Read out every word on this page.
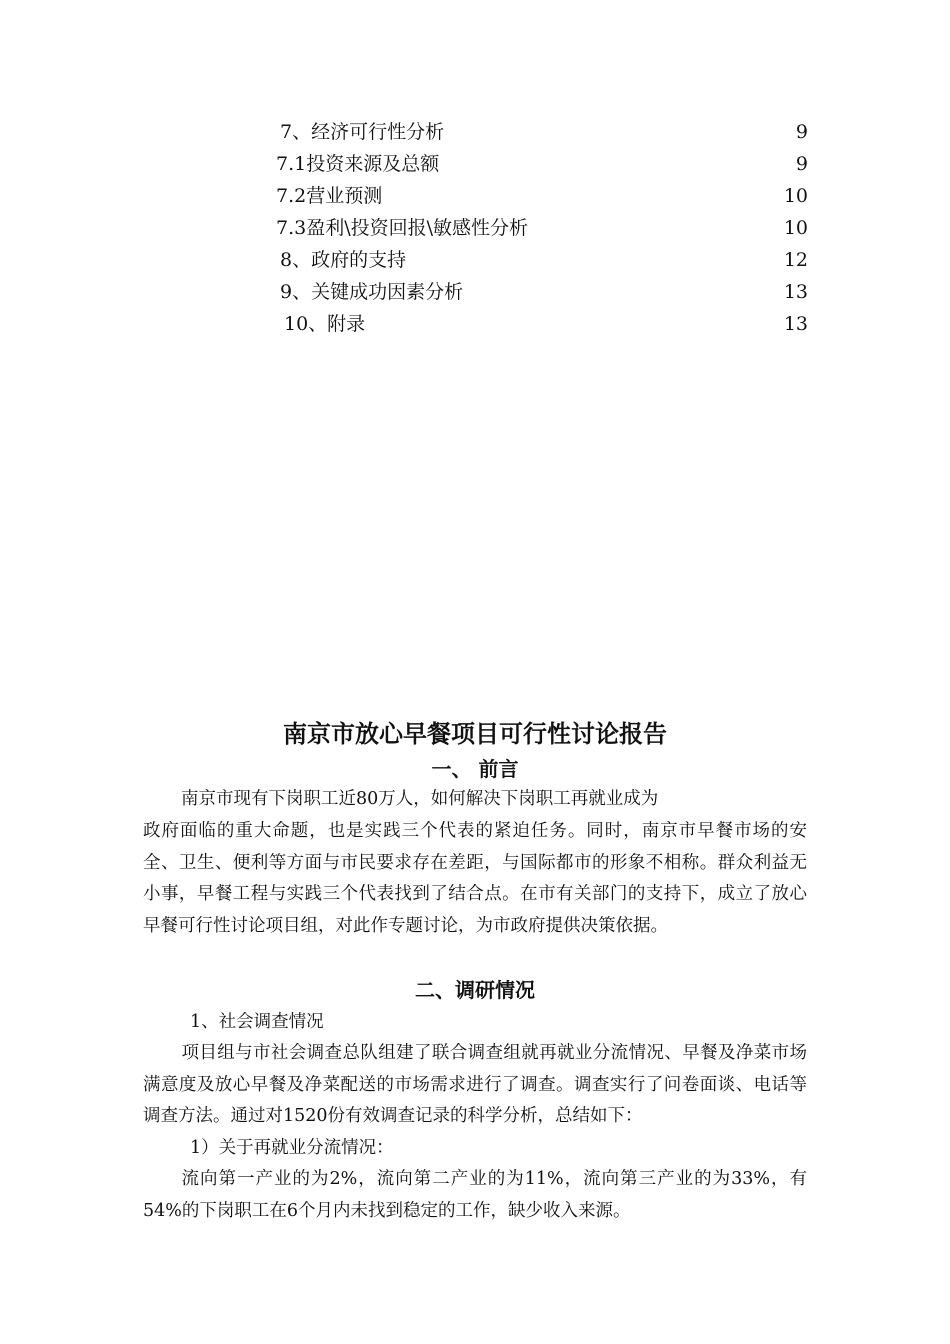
7、经济可行性分析	9
7.1投资来源及总额	9
7.2营业预测	10
7.3盈利\投资回报\敏感性分析	10
8、政府的支持	12
9、关键成功因素分析	13
10、附录	13
南京市放心早餐项目可行性讨论报告
一、 前言
南京市现有下岗职工近80万人，如何解决下岗职工再就业成为
政府面临的重大命题，也是实践三个代表的紧迫任务。同时，南京市早餐市场的安全、卫生、便利等方面与市民要求存在差距，与国际都市的形象不相称。群众利益无小事，早餐工程与实践三个代表找到了结合点。在市有关部门的支持下，成立了放心早餐可行性讨论项目组，对此作专题讨论，为市政府提供决策依据。
二、调研情况
1、社会调查情况
项目组与市社会调查总队组建了联合调查组就再就业分流情况、早餐及净菜市场满意度及放心早餐及净菜配送的市场需求进行了调查。调查实行了问卷面谈、电话等调查方法。通过对1520份有效调查记录的科学分析，总结如下：
1）关于再就业分流情况：
流向第一产业的为2%，流向第二产业的为11%，流向第三产业的为33%，有54%的下岗职工在6个月内未找到稳定的工作，缺少收入来源。
